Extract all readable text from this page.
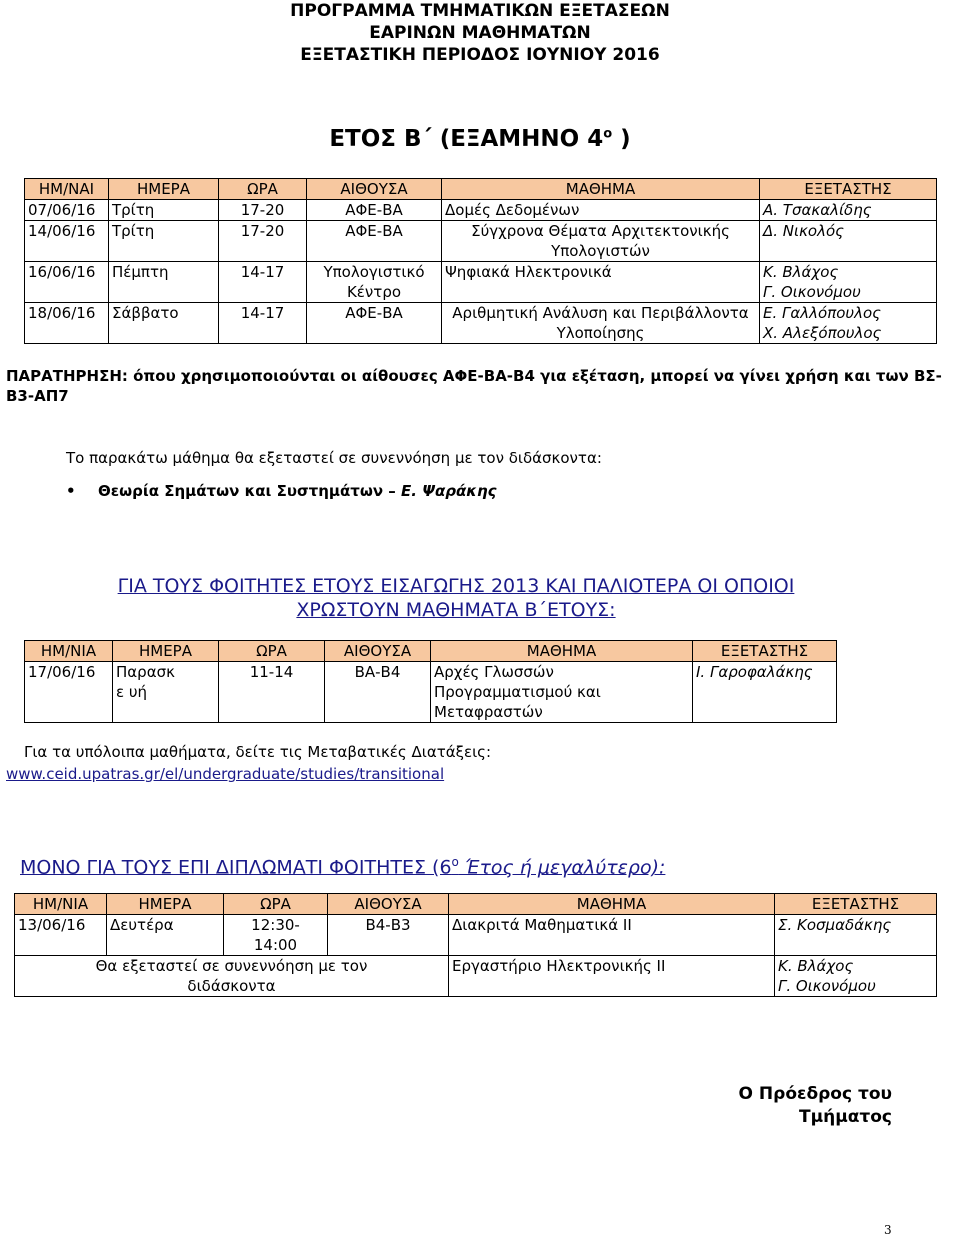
ΠΡΟΓΡΑΜΜΑ ΤΜΗΜΑΤΙΚΩΝ ΕΞΕΤΑΣΕΩΝ
ΕΑΡΙΝΩΝ ΜΑΘΗΜΑΤΩΝ
ΕΞΕΤΑΣΤΙΚΗ ΠΕΡΙΟΔΟΣ ΙΟΥΝΙΟΥ 2016
ΕΤΟΣ Β΄ (ΕΞΑΜΗΝΟ $4^o$ )
ΗΜ/ΝΑΙ	ΗΜΕΡΑ	ΩΡΑ	ΑΙΘΟΥΣΑ	ΜΑΘΗΜΑ	ΕΞΕΤΑΣΤΗΣ
07/06/16	Τρίτη	17-20	ΑΦΕ-ΒΑ	Δομές Δεδομένων	Α. Τσακαλίδης
14/06/16	Τρίτη	17-20	ΑΦΕ-ΒΑ	Σύγχρονα Θέματα Αρχιτεκτονικής Υπολογιστών	Δ. Νικολός
16/06/16	Πέμπτη	14-17	Υπολογιστικό Κέντρο	Ψηφιακά Ηλεκτρονικά	Κ. Βλάχος
Γ. Οικονόμου

18/06/16	Σάββατο	14-17	ΑΦΕ-ΒΑ	Αριθμητική Ανάλυση και Περιβάλλοντα Υλοποίησης	Ε. Γαλλόπουλος
Χ. Αλεξόπουλος
ΠΑΡΑΤΗΡΗΣΗ: όπου χρησιμοποιούνται οι αίθουσες ΑΦΕ-ΒΑ-Β4 για εξέταση, μπορεί να γίνει χρήση και των ΒΣ-Β3-ΑΠ7
Το παρακάτω μάθημα θα εξεταστεί σε συνεννόηση με τον διδάσκοντα:
• Θεωρία Σημάτων και Συστημάτων – Ε. Ψαράκης
ΓΙΑ ΤΟΥΣ ΦΟΙΤΗΤΕΣ ΕΤΟΥΣ ΕΙΣΑΓΩΓΗΣ 2013 ΚΑΙ ΠΑΛΙΟΤΕΡΑ ΟΙ ΟΠΟΙΟΙ
ΧΡΩΣΤΟΥΝ ΜΑΘΗΜΑΤΑ Β΄ΕΤΟΥΣ:
ΗΜ/ΝΙΑ	ΗΜΕΡΑ	ΩΡΑ	ΑΙΘΟΥΣΑ	ΜΑΘΗΜΑ	ΕΞΕΤΑΣΤΗΣ
17/06/16	Παρασκε υή	11-14	ΒΑ-Β4	Αρχές Γλωσσών Προγραμματισμού και Μεταφραστών	Ι. Γαροφαλάκης
Για τα υπόλοιπα μαθήματα, δείτε τις Μεταβατικές Διατάξεις:
www.ceid.upatras.gr/el/undergraduate/studies/transitional
ΜΟΝΟ ΓΙΑ ΤΟΥΣ ΕΠΙ ΔΙΠΛΩΜΑΤΙ ΦΟΙΤΗΤΕΣ ($6^o$ Έτος ή μεγαλύτερο):
ΗΜ/ΝΙΑ	ΗΜΕΡΑ	ΩΡΑ	ΑΙΘΟΥΣΑ	ΜΑΘΗΜΑ	ΕΞΕΤΑΣΤΗΣ
13/06/16	Δευτέρα	12:30- 14:00	Β4-Β3	Διακριτά Μαθηματικά ΙΙ	Σ. Κοσμαδάκης

Θα εξεταστεί σε συνεννόηση με τον διδάσκοντα				Εργαστήριο Ηλεκτρονικής ΙΙ	Κ. Βλάχος
Γ. Οικονόμου
Ο Πρόεδρος του
Τμήματος
3
